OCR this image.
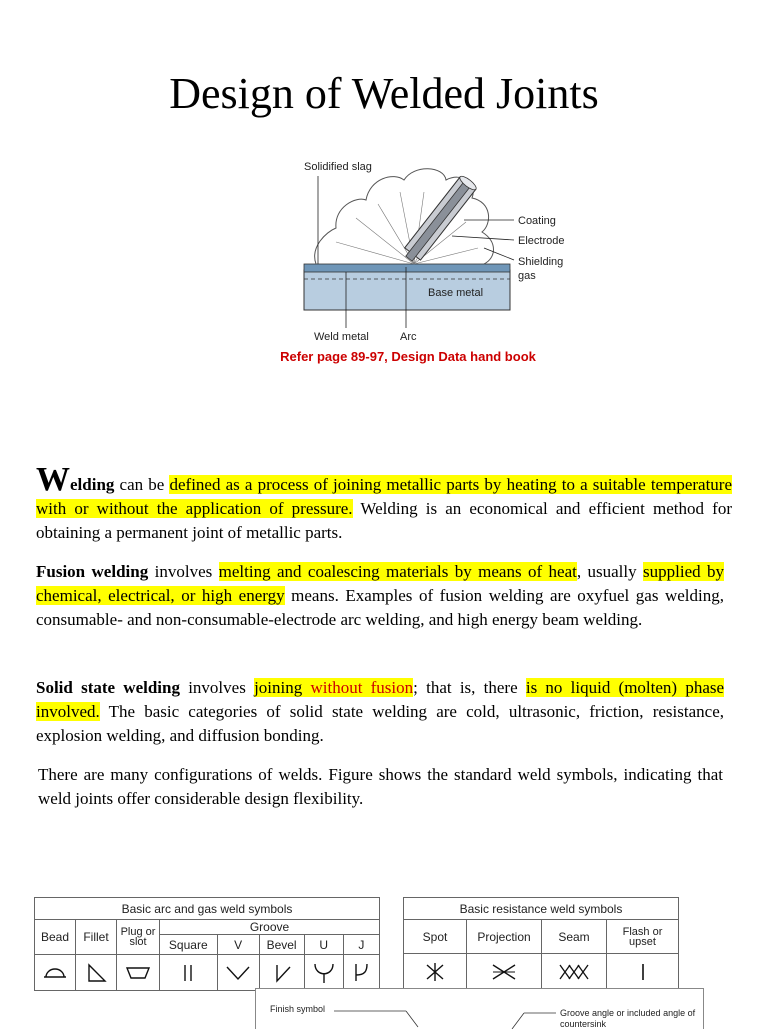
Design of Welded Joints
Solidified slag
Coating
Electrode
Shielding
gas
Base metal
Weld metal	Arc
Refer page 89-97, Design Data hand book
Welding can be defined as a process of joining metallic parts by heating to a suitable temperature with or without the application of pressure. Welding is an economical and efficient method for obtaining a permanent joint of metallic parts.
Fusion welding involves melting and coalescing materials by means of heat, usually supplied by chemical, electrical, or high energy means. Examples of fusion welding are oxyfuel gas welding, consumable- and non-consumable-electrode arc welding, and high energy beam welding.
Solid state welding involves joining without fusion; that is, there is no liquid (molten) phase involved. The basic categories of solid state welding are cold, ultrasonic, friction, resistance, explosion welding, and diffusion bonding.
There are many configurations of welds. Figure shows the standard weld symbols, indicating that weld joints offer considerable design flexibility.
Basic arc and gas weld symbols							
Bead	Fillet	Plug or slot	Groove				
			Square	V	Bevel	U	J

Basic resistance weld symbols			
Spot	Projection	Seam	Flash or upset

Finish symbol	Groove angle or included angle of countersink
